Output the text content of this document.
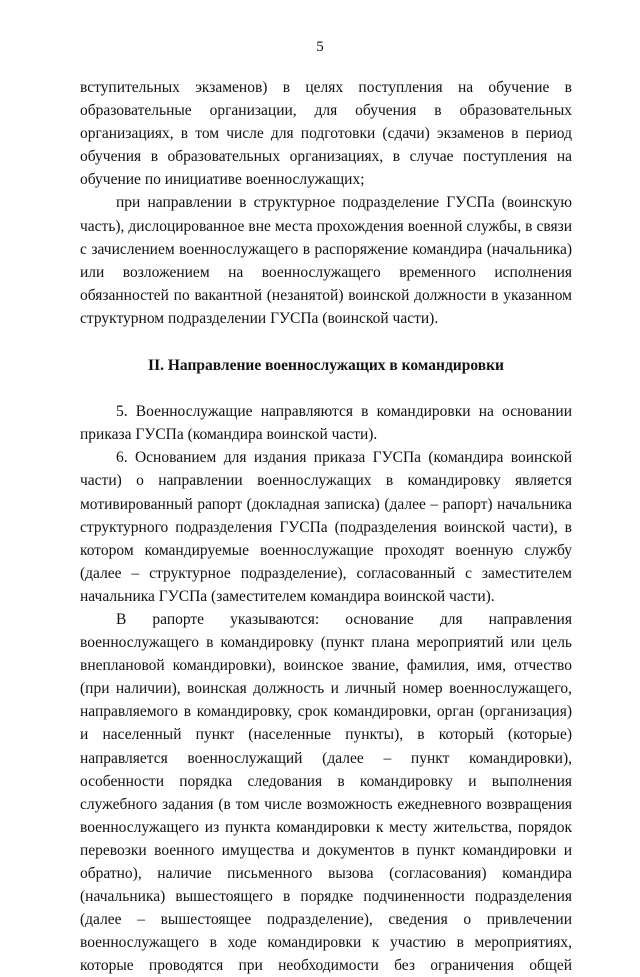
5

вступительных экзаменов) в целях поступления на обучение в образовательные организации, для обучения в образовательных организациях, в том числе для подготовки (сдачи) экзаменов в период обучения в образовательных организациях, в случае поступления на обучение по инициативе военнослужащих;

при направлении в структурное подразделение ГУСПа (воинскую часть), дислоцированное вне места прохождения военной службы, в связи с зачислением военнослужащего в распоряжение командира (начальника) или возложением на военнослужащего временного исполнения обязанностей по вакантной (незанятой) воинской должности в указанном структурном подразделении ГУСПа (воинской части).

II. Направление военнослужащих в командировки

5. Военнослужащие направляются в командировки на основании приказа ГУСПа (командира воинской части).

6. Основанием для издания приказа ГУСПа (командира воинской части) о направлении военнослужащих в командировку является мотивированный рапорт (докладная записка) (далее – рапорт) начальника структурного подразделения ГУСПа (подразделения воинской части), в котором командируемые военнослужащие проходят военную службу (далее – структурное подразделение), согласованный с заместителем начальника ГУСПа (заместителем командира воинской части).

В рапорте указываются: основание для направления военнослужащего в командировку (пункт плана мероприятий или цель внеплановой командировки), воинское звание, фамилия, имя, отчество (при наличии), воинская должность и личный номер военнослужащего, направляемого в командировку, срок командировки, орган (организация) и населенный пункт (населенные пункты), в который (которые) направляется военнослужащий (далее – пункт командировки), особенности порядка следования в командировку и выполнения служебного задания (в том числе возможность ежедневного возвращения военнослужащего из пункта командировки к месту жительства, порядок перевозки военного имущества и документов в пункт командировки и обратно), наличие письменного вызова (согласования) командира (начальника) вышестоящего в порядке подчиненности подразделения (далее – вышестоящее подразделение), сведения о привлечении военнослужащего в ходе командировки к участию в мероприятиях, которые проводятся при необходимости без ограничения общей
